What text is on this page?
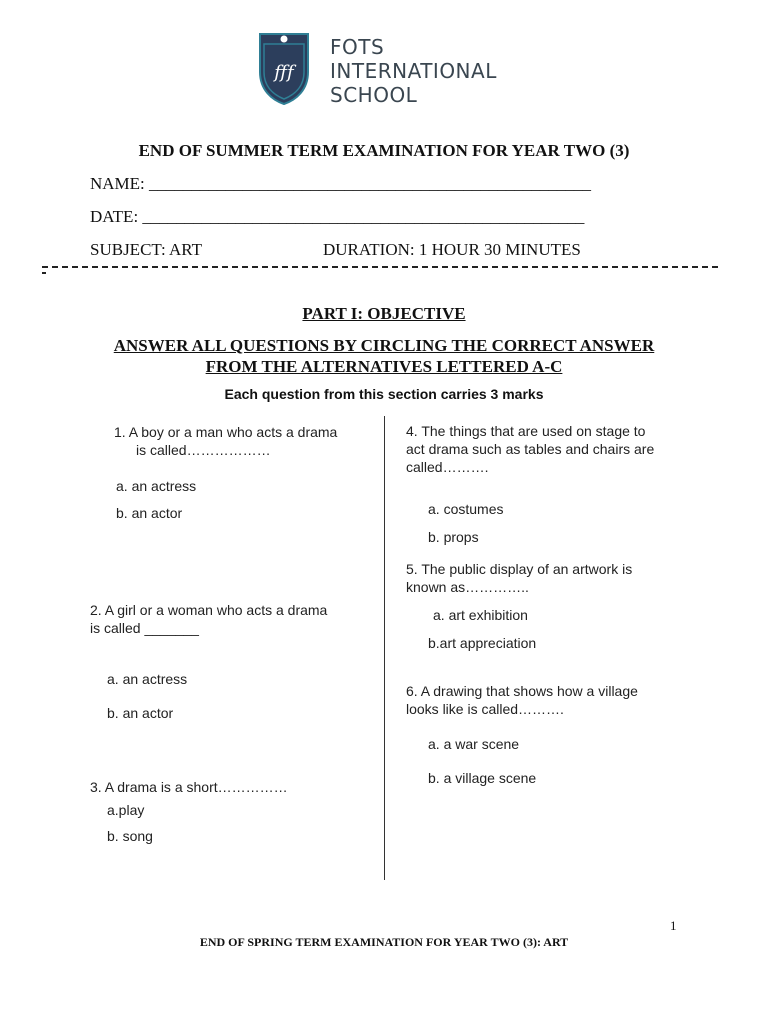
fff
FOTS
INTERNATIONAL
SCHOOL
END OF SUMMER TERM EXAMINATION FOR YEAR TWO (3)
NAME: ____________________________________________________
DATE: ____________________________________________________
SUBJECT: ART	DURATION: 1 HOUR 30 MINUTES
PART I: OBJECTIVE
ANSWER ALL QUESTIONS BY CIRCLING THE CORRECT ANSWER
FROM THE ALTERNATIVES LETTERED A-C
Each question from this section carries 3 marks
1. A boy or a man who acts a drama
is called………………
a. an actress
b. an actor
2. A girl or a woman who acts a drama
is called _______
a. an actress
b. an actor
3. A drama is a short……………
a.play
b. song
4. The things that are used on stage to
act drama such as tables and chairs are
called……….
a. costumes
b. props
5. The public display of an artwork is
known as…………..
a. art exhibition
b.art appreciation
6. A drawing that shows how a village
looks like is called……….
a. a war scene
b. a village scene
1
END OF SPRING TERM EXAMINATION FOR YEAR TWO (3): ART
